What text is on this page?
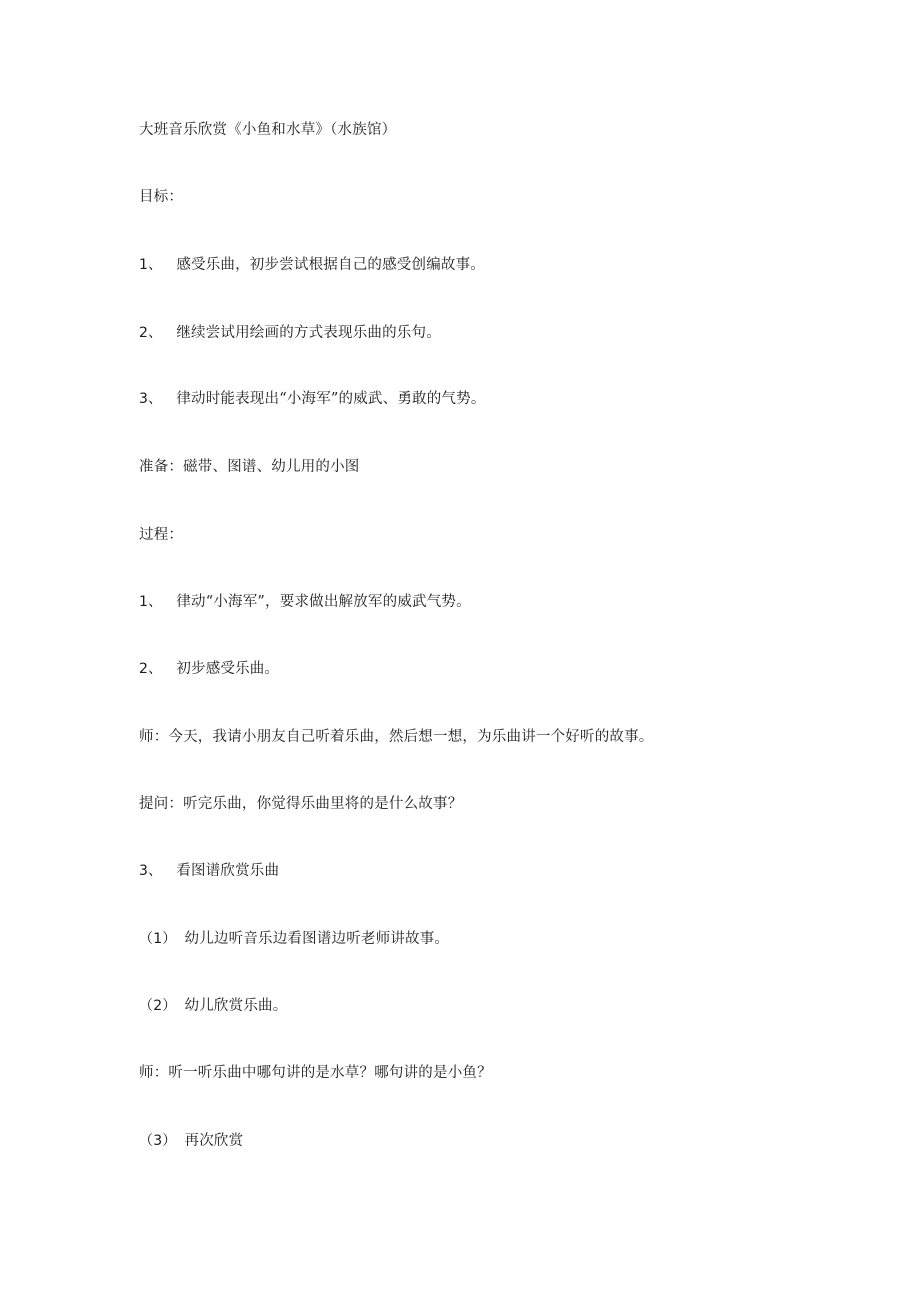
大班音乐欣赏《小鱼和水草》（水族馆）
目标：
1、 感受乐曲，初步尝试根据自己的感受创编故事。
2、 继续尝试用绘画的方式表现乐曲的乐句。
3、 律动时能表现出“小海军”的威武、勇敢的气势。
准备：磁带、图谱、幼儿用的小图
过程：
1、 律动“小海军”，要求做出解放军的威武气势。
2、 初步感受乐曲。
师：今天，我请小朋友自己听着乐曲，然后想一想，为乐曲讲一个好听的故事。
提问：听完乐曲，你觉得乐曲里将的是什么故事？
3、 看图谱欣赏乐曲
（1） 幼儿边听音乐边看图谱边听老师讲故事。
（2） 幼儿欣赏乐曲。
师：听一听乐曲中哪句讲的是水草？哪句讲的是小鱼？
（3） 再次欣赏
